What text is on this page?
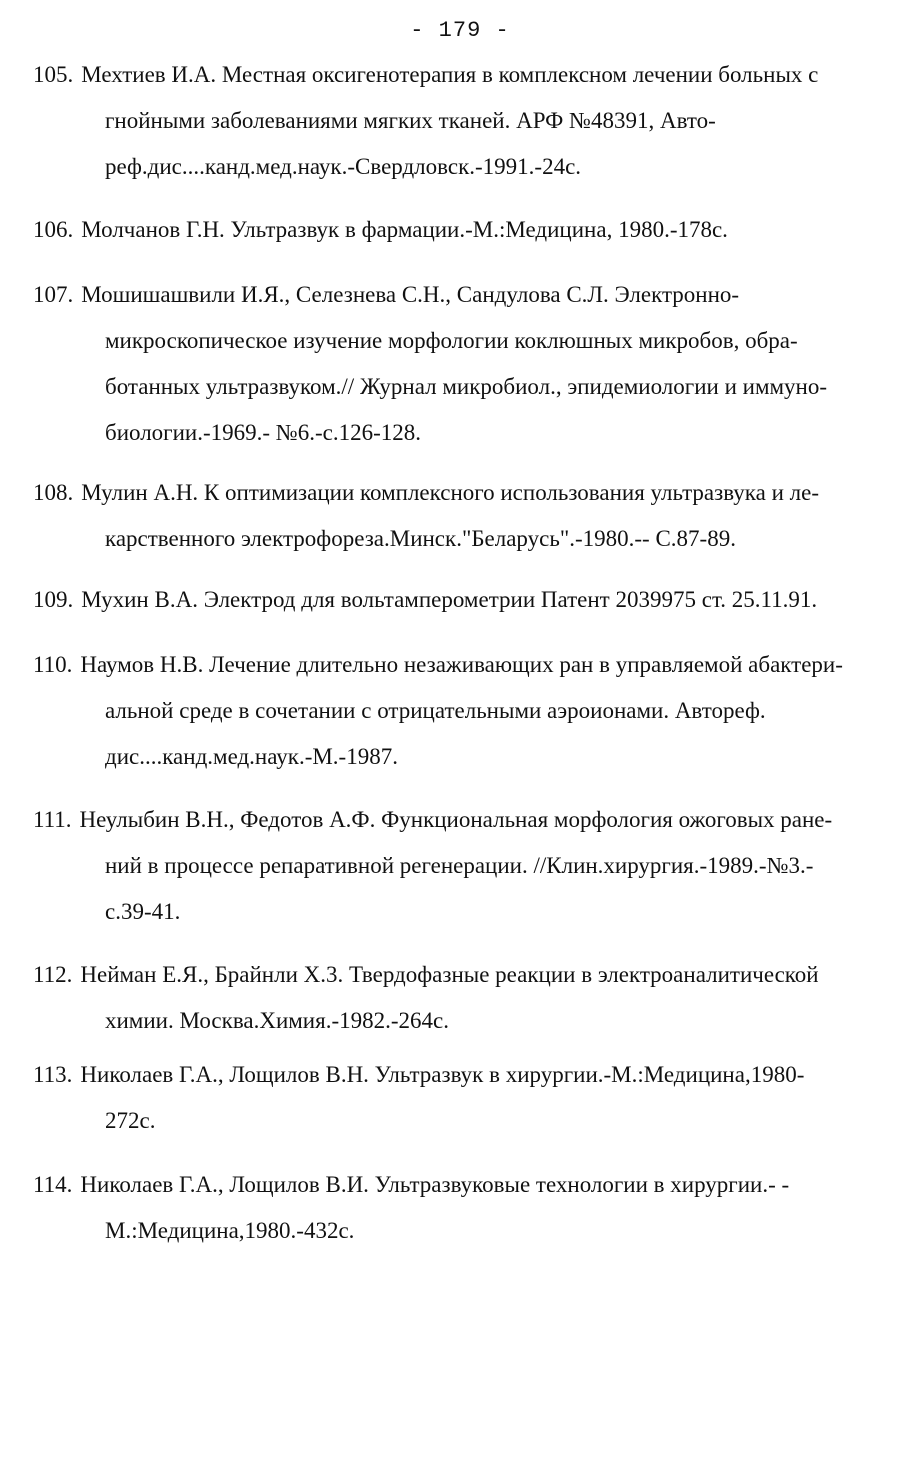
- 179 -
105. Мехтиев И.А. Местная оксигенотерапия в комплексном лечении больных с
гнойными заболеваниями мягких тканей. АРФ №48391, Авто-
реф.дис....канд.мед.наук.-Свердловск.-1991.-24с.
106. Молчанов Г.Н. Ультразвук в фармации.-М.:Медицина, 1980.-178с.
107. Мошишашвили И.Я., Селезнева С.Н., Сандулова С.Л. Электронно-
микроскопическое изучение морфологии коклюшных микробов, обра-
ботанных ультразвуком.// Журнал микробиол., эпидемиологии и иммуно-
биологии.-1969.- №6.-с.126-128.
108. Мулин А.Н. К оптимизации комплексного использования ультразвука и ле-
карственного электрофореза.Минск."Беларусь".-1980.-- С.87-89.
109. Мухин В.А. Электрод для вольтамперометрии Патент 2039975 ст. 25.11.91.
110. Наумов Н.В. Лечение длительно незаживающих ран в управляемой абактери-
альной среде в сочетании с отрицательными аэроионами. Автореф.
дис....канд.мед.наук.-М.-1987.
111. Неулыбин В.Н., Федотов А.Ф. Функциональная морфология ожоговых ране-
ний в процессе репаративной регенерации. //Клин.хирургия.-1989.-№3.-
с.39-41.
112. Нейман Е.Я., Брайнли Х.3. Твердофазные реакции в электроаналитической
химии. Москва.Химия.-1982.-264с.
113. Николаев Г.А., Лощилов В.Н. Ультразвук в хирургии.-М.:Медицина,1980-
272с.
114. Николаев Г.А., Лощилов В.И. Ультразвуковые технологии в хирургии.- -
М.:Медицина,1980.-432с.
